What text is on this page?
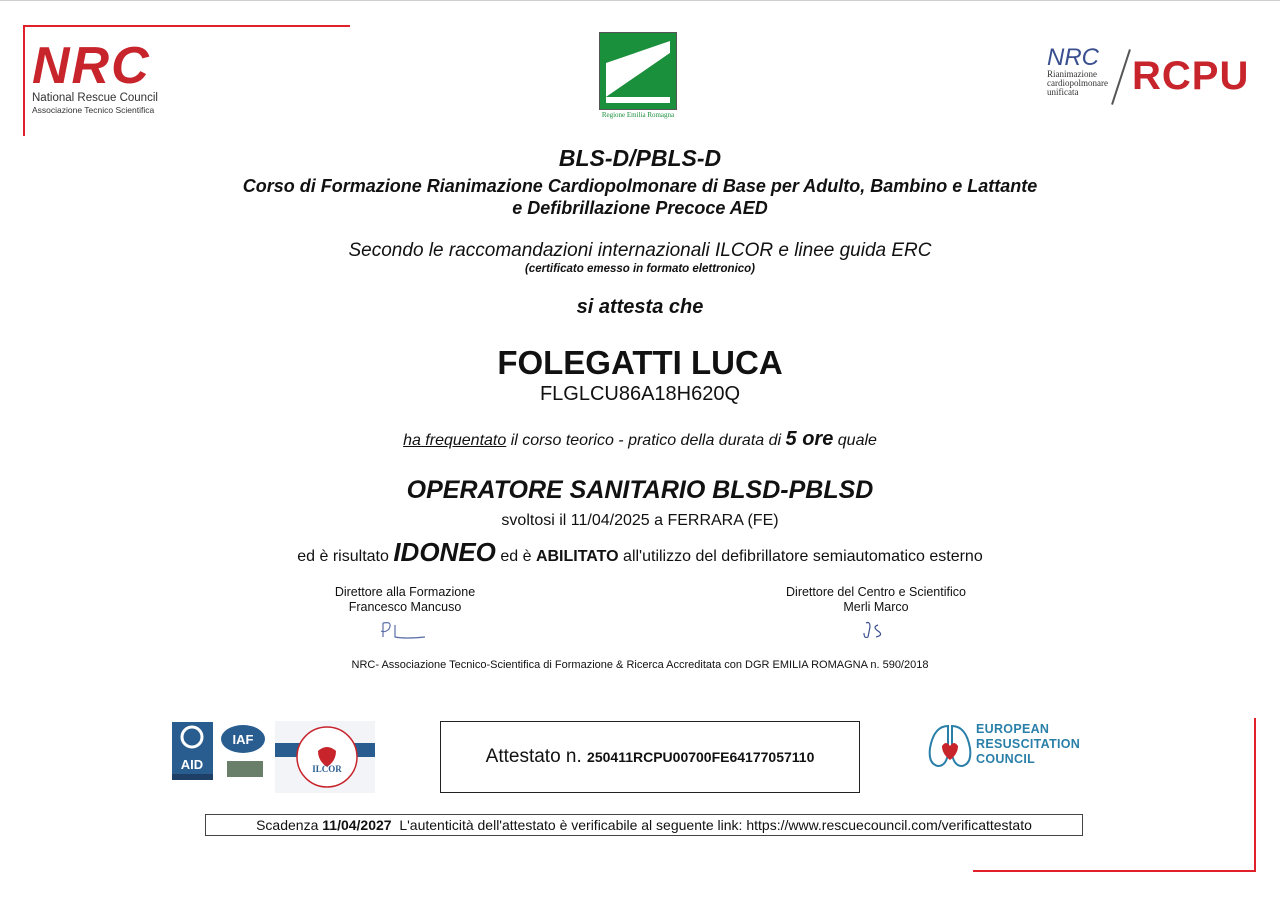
NRC
National Rescue Council
Associazione Tecnico Scientifica	Regione Emilia Romagna
NRC
Rianimazione
cardiopolmonare
unificata	RCPU
BLS-D/PBLS-D
Corso di Formazione Rianimazione Cardiopolmonare di Base per Adulto, Bambino e Lattante
e Defibrillazione Precoce AED
Secondo le raccomandazioni internazionali ILCOR e linee guida ERC
(certificato emesso in formato elettronico)
si attesta che
FOLEGATTI LUCA
FLGLCU86A18H620Q
ha frequentato il corso teorico - pratico della durata di 5 ore quale
OPERATORE SANITARIO BLSD-PBLSD
svoltosi il 11/04/2025 a FERRARA (FE)
ed è risultato IDONEO ed è ABILITATO all'utilizzo del defibrillatore semiautomatico esterno
Direttore alla Formazione
Francesco Mancuso
Direttore del Centro e Scientifico
Merli Marco
NRC- Associazione Tecnico-Scientifica di Formazione & Ricerca Accreditata con DGR EMILIA ROMAGNA n. 590/2018
AID
IAF
ILCOR
Attestato n. 250411RCPU00700FE64177057110
EUROPEAN
RESUSCITATION
COUNCIL
Scadenza 11/04/2027  L'autenticità dell'attestato è verificabile al seguente link: https://www.rescuecouncil.com/verificattestato
